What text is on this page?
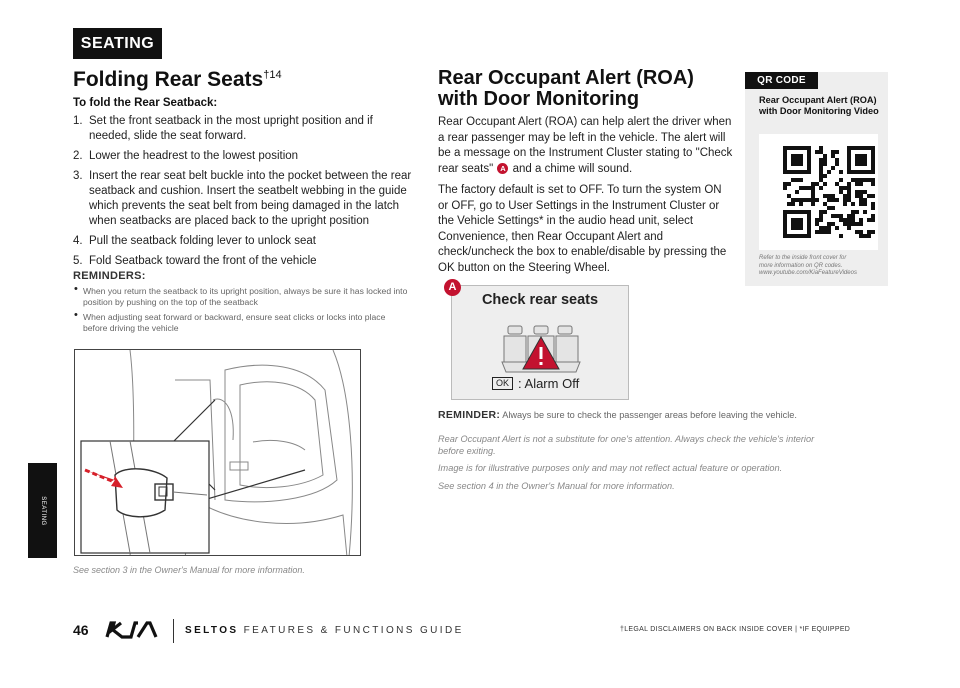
SEATING
SEATING
Folding Rear Seats$^{\dagger 14}$
To fold the Rear Seatback:
1. Set the front seatback in the most upright position and if needed, slide the seat forward.
2. Lower the headrest to the lowest position
3. Insert the rear seat belt buckle into the pocket between the rear seatback and cushion. Insert the seatbelt webbing in the guide which prevents the seat belt from being damaged in the latch when seatbacks are placed back to the upright position
4. Pull the seatback folding lever to unlock seat
5. Fold Seatback toward the front of the vehicle
REMINDERS:
• When you return the seatback to its upright position, always be sure it has locked into position by pushing on the top of the seatback
• When adjusting seat forward or backward, ensure seat clicks or locks into place before driving the vehicle
See section 3 in the Owner's Manual for more information.
Rear Occupant Alert (ROA)
with Door Monitoring

Rear Occupant Alert (ROA) can help alert the driver when a rear passenger may be left in the vehicle. The alert will be a message on the Instrument Cluster stating to "Check rear seats" A and a chime will sound.

The factory default is set to OFF. To turn the system ON or OFF, go to User Settings in the Instrument Cluster or the Vehicle Settings* in the audio head unit, select Convenience, then Rear Occupant Alert and check/uncheck the box to enable/disable by pressing the OK button on the Steering Wheel.

Check rear seats
OK : Alarm Off
A
REMINDER: Always be sure to check the passenger areas before leaving the vehicle.

Rear Occupant Alert is not a substitute for one's attention. Always check the vehicle's interior before exiting.

Image is for illustrative purposes only and may not reflect actual feature or operation.

See section 4 in the Owner's Manual for more information.

QR CODE
Rear Occupant Alert (ROA) with Door Monitoring Video
Refer to the inside front cover for
more information on QR codes.
www.youtube.com/KiaFeatureVideos
46	SELTOS FEATURES & FUNCTIONS GUIDE	†LEGAL DISCLAIMERS ON BACK INSIDE COVER | *IF EQUIPPED
